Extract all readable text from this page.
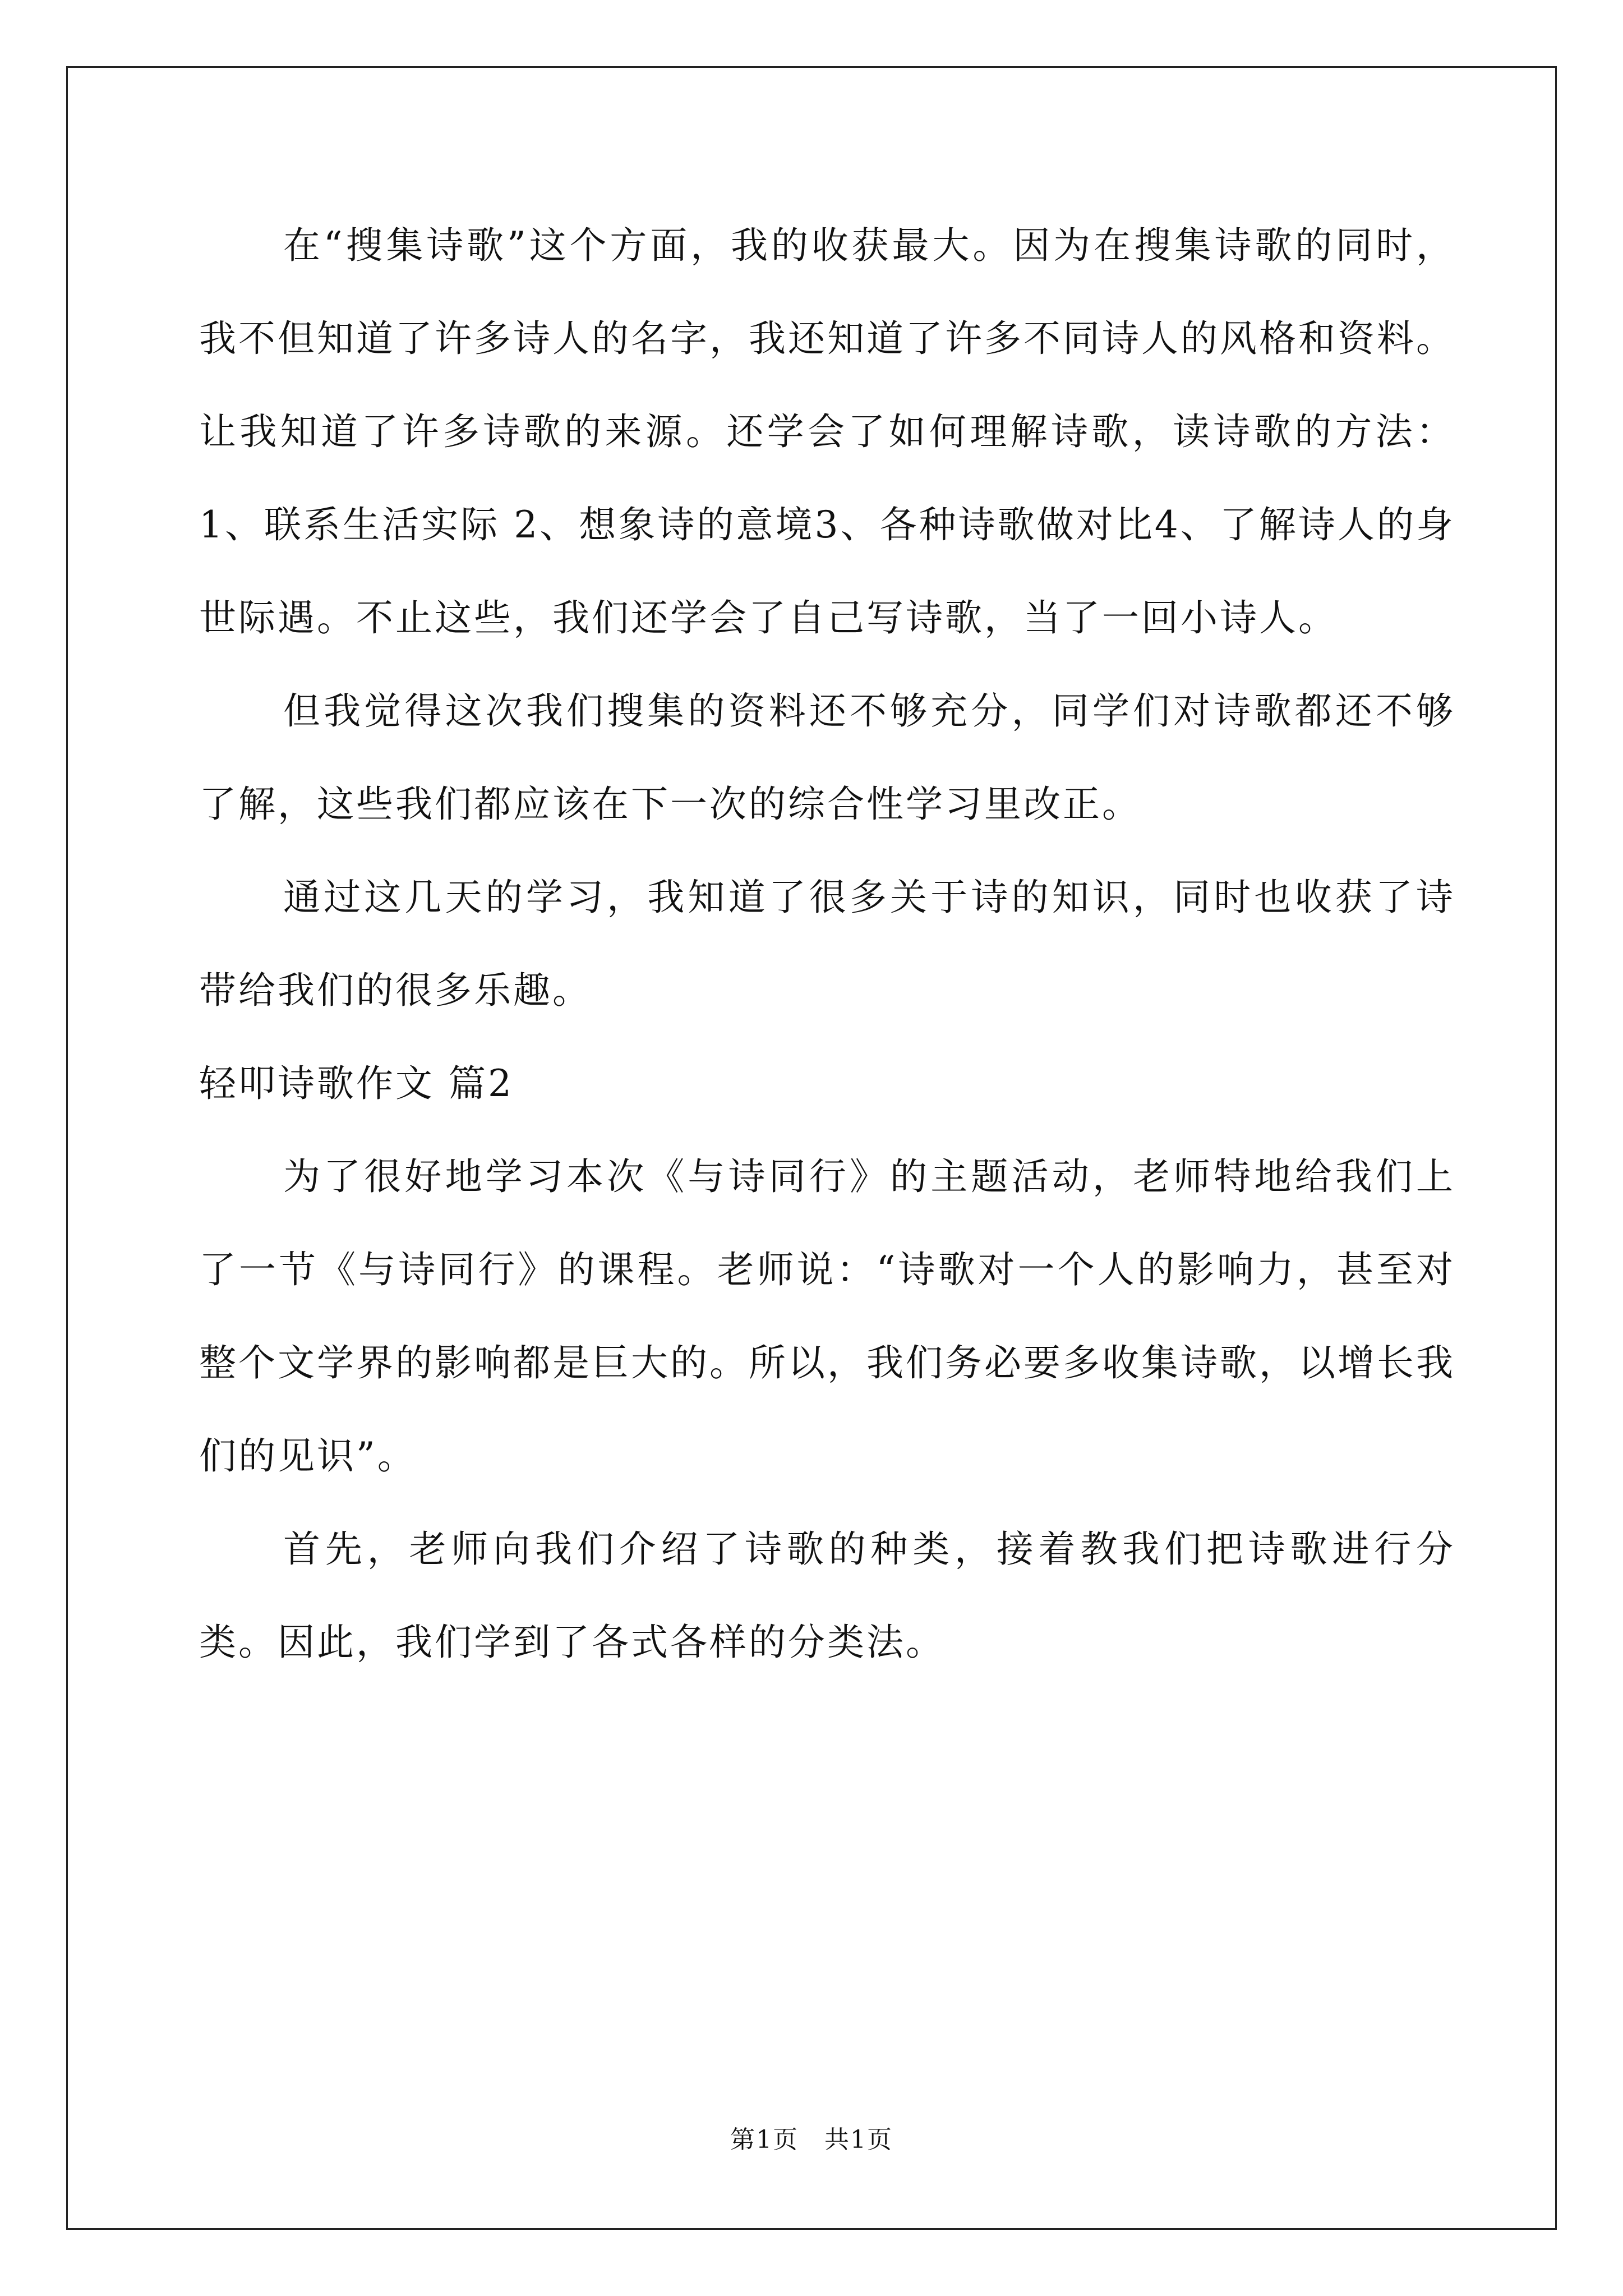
在“搜集诗歌”这个方面，我的收获最大。因为在搜集诗歌的同时，我不但知道了许多诗人的名字，我还知道了许多不同诗人的风格和资料。让我知道了许多诗歌的来源。还学会了如何理解诗歌，读诗歌的方法：1、联系生活实际 2、想象诗的意境3、各种诗歌做对比4、了解诗人的身世际遇。不止这些，我们还学会了自己写诗歌，当了一回小诗人。

但我觉得这次我们搜集的资料还不够充分，同学们对诗歌都还不够了解，这些我们都应该在下一次的综合性学习里改正。

通过这几天的学习，我知道了很多关于诗的知识，同时也收获了诗带给我们的很多乐趣。

轻叩诗歌作文 篇2

为了很好地学习本次《与诗同行》的主题活动，老师特地给我们上了一节《与诗同行》的课程。老师说：“诗歌对一个人的影响力，甚至对整个文学界的影响都是巨大的。所以，我们务必要多收集诗歌，以增长我们的见识”。

首先，老师向我们介绍了诗歌的种类，接着教我们把诗歌进行分类。因此，我们学到了各式各样的分类法。

第1页　共1页
